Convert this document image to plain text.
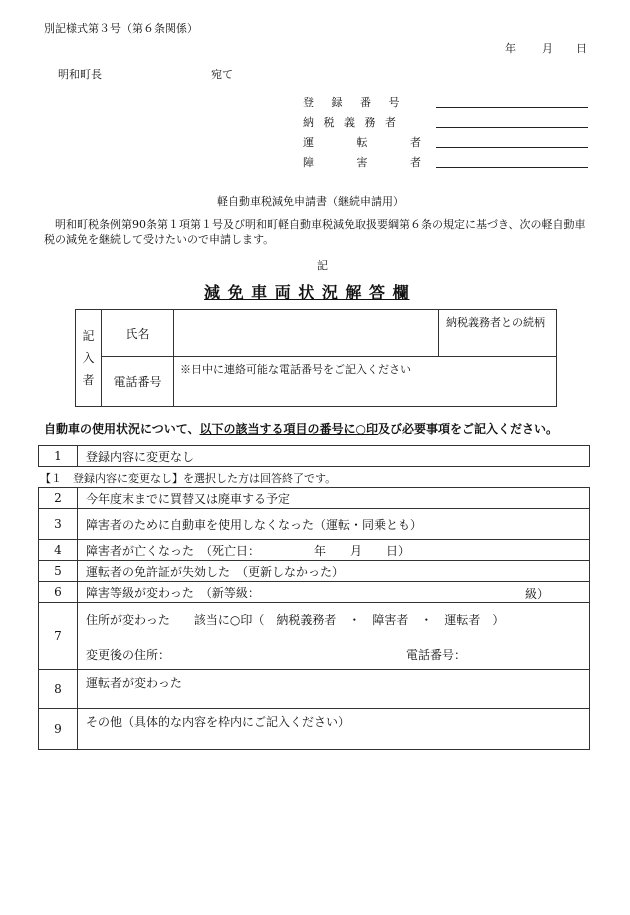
別記様式第３号（第６条関係）
年 月 日
明和町長	宛て
登 録 番 号
納 税 義 務 者
運 転 者
障 害 者
軽自動車税減免申請書（継続申請用）
明和町税条例第90条第１項第１号及び明和町軽自動車税減免取扱要綱第６条の規定に基づき、次の軽自動車税の減免を継続して受けたいので申請します。
記
減 免 車 両 状 況 解 答 欄
記
入
者	氏名		納税義務者との続柄
	電話番号	※日中に連絡可能な電話番号をご記入ください	
自動車の使用状況について、以下の該当する項目の番号に○印及び必要事項をご記入ください。
1	登録内容に変更なし
【１　登録内容に変更なし】を選択した方は回答終了です。
2	今年度末までに買替又は廃車する予定
3	障害者のために自動車を使用しなくなった（運転・同乗とも）
4	障害者が亡くなった　（死亡日：　　　　　年　　月　　日）
5	運転者の免許証が失効した　（更新しなかった）
6	障害等級が変わった　（新等級： 級）

7	住所が変わった　　該当に○印（　納税義務者　・　障害者　・　運転者　）
変更後の住所： 電話番号：

8	運転者が変わった
9	その他（具体的な内容を枠内にご記入ください）
